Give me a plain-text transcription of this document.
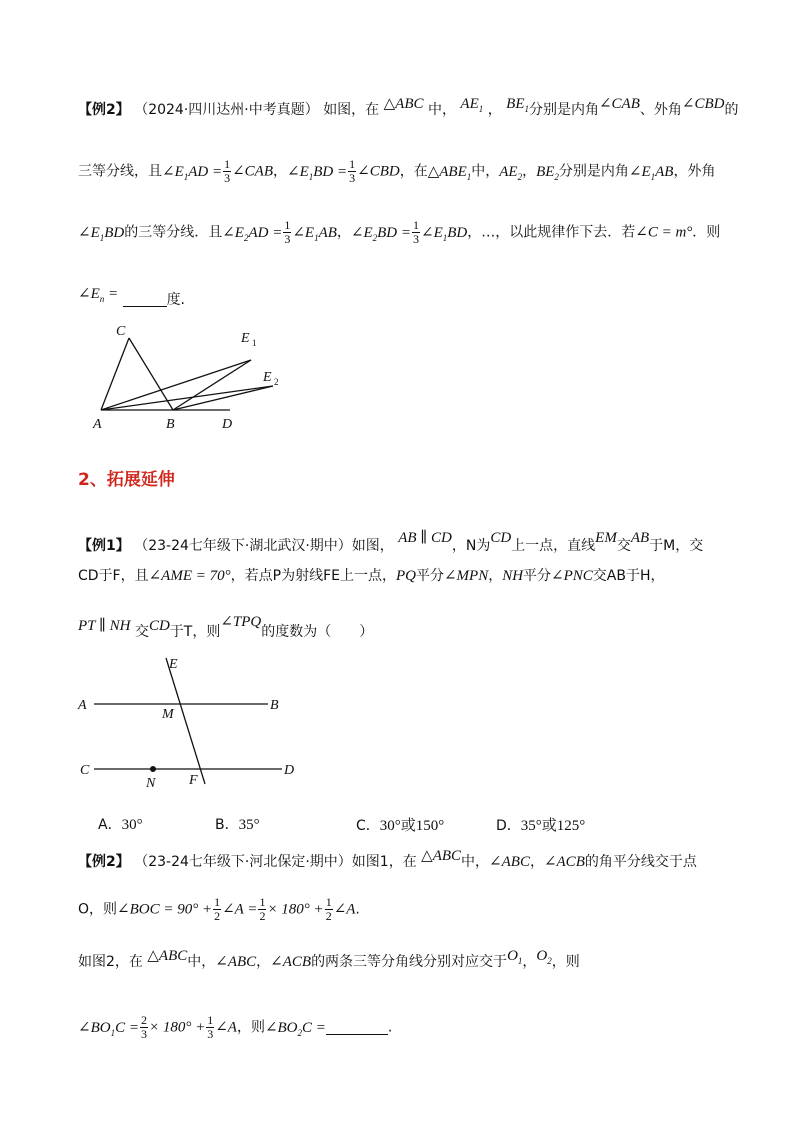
【例2】 （2024·四川达州·中考真题） 如图，在 △ABC 中， $AE_1$ ， $BE_1$分别是内角∠CAB、外角∠CBD的
三等分线，且$\angle E_1AD = \frac{1}{3}$ ∠CAB，$\angle E_1BD = \frac{1}{3}$ ∠CBD，在$\triangle ABE_1$中，$AE_2$，$BE_2$分别是内角$\angle E_1AB$，外角
$\angle E_1BD$的三等分线．且$\angle E_2AD = \frac{1}{3}$ $\angle E_1AB$，$\angle E_2BD = \frac{1}{3}$ $\angle E_1BD$，…，以此规律作下去．若∠C = m°．则
$\angle E_n$ =	度.
C	E 1
E 2
A	B	D
2、拓展延伸
【例1】 （23-24七年级下·湖北武汉·期中）如图， AB ∥ CD，N为CD上一点，直线EM交AB于M，交
CD于F，且∠AME = 70°，若点P为射线FE上一点，PQ平分∠MPN，NH平分∠PNC交AB于H，
PT ∥ NH 交CD于T，则∠TPQ的度数为（　　）
E
A	B
M
C	D
N F
A．30°	B．35°	C．30°或150°	D．35°或125°
【例2】 （23-24七年级下·河北保定·期中）如图1，在 △ABC中，∠ABC，∠ACB的角平分线交于点
O，则∠BOC = $90^\circ + \frac{1}{2}$ ∠A = $\frac{1}{2} \times 180^\circ + \frac{1}{2}$ ∠A.
如图2，在 △ABC中，∠ABC，∠ACB的两条三等分角线分别对应交于$O_1$，$O_2$，则
$\angle BO_1C = \frac{2}{3} \times 180^\circ + \frac{1}{3}$ ∠A，则$\angle BO_2C$ =	.
